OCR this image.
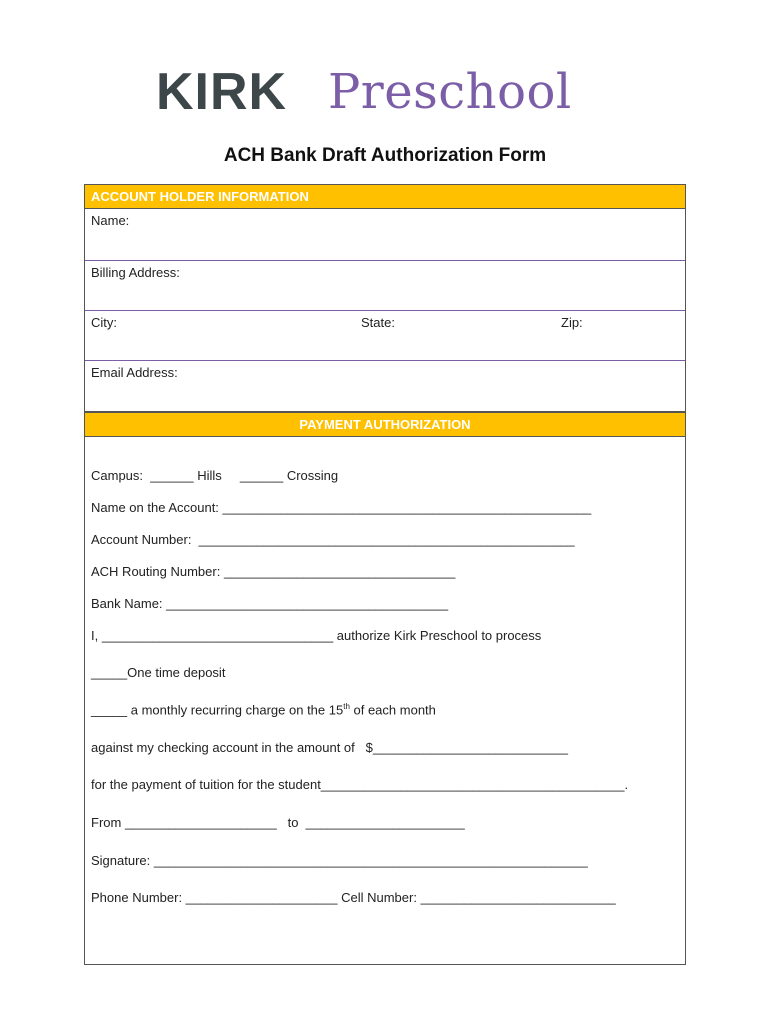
KIRK Preschool
ACH Bank Draft Authorization Form
ACCOUNT HOLDER INFORMATION
Name:
Billing Address:
City:	State:	Zip:
Email Address:
PAYMENT AUTHORIZATION
Campus:  ______ Hills     ______ Crossing
Name on the Account: ___________________________________________________
Account Number:  ____________________________________________________
ACH Routing Number: ________________________________
Bank Name: _______________________________________
I, ________________________________ authorize Kirk Preschool to process
_____One time deposit
_____ a monthly recurring charge on the 15th of each month
against my checking account in the amount of   $___________________________
for the payment of tuition for the student__________________________________________.
From _____________________   to  ______________________
Signature: ____________________________________________________________
Phone Number: _____________________ Cell Number: ___________________________
